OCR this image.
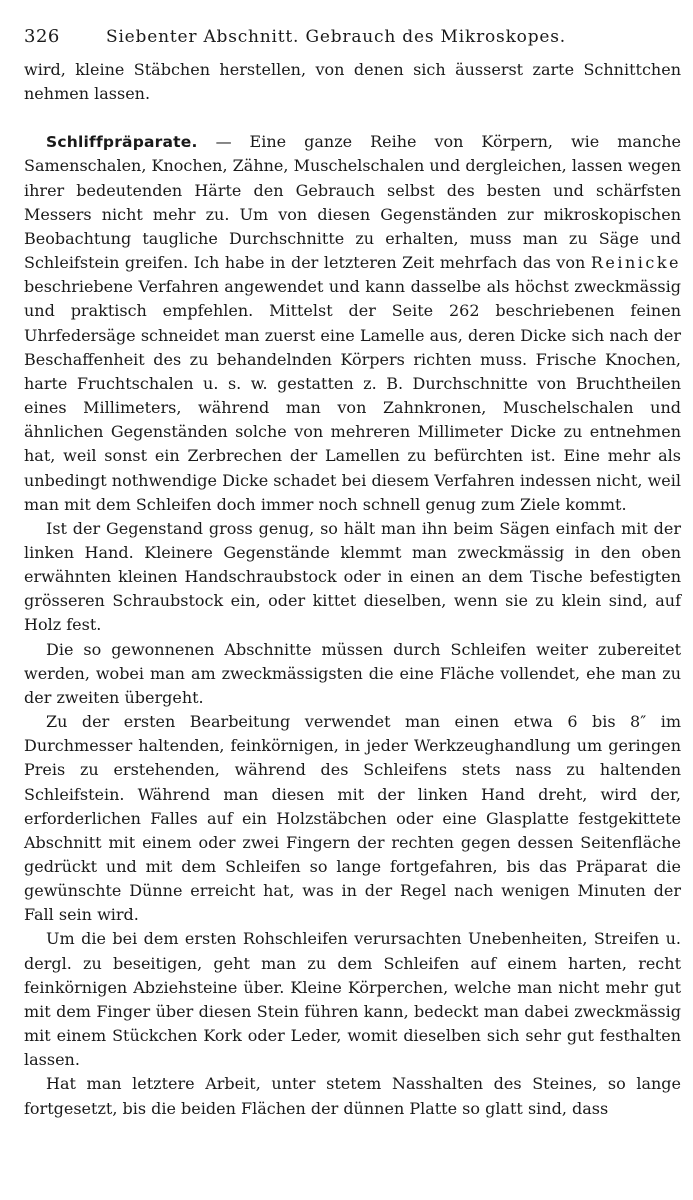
326	Siebenter Abschnitt. Gebrauch des Mikroskopes.

wird, kleine Stäbchen herstellen, von denen sich äusserst zarte Schnittchen nehmen lassen.

Schliffpräparate. — Eine ganze Reihe von Körpern, wie manche Samenschalen, Knochen, Zähne, Muschelschalen und dergleichen, lassen wegen ihrer bedeutenden Härte den Gebrauch selbst des besten und schärfsten Messers nicht mehr zu. Um von diesen Gegenständen zur mikroskopischen Beobachtung taugliche Durchschnitte zu erhalten, muss man zu Säge und Schleifstein greifen. Ich habe in der letzteren Zeit mehrfach das von Reinicke beschriebene Verfahren angewendet und kann dasselbe als höchst zweckmässig und praktisch empfehlen. Mittelst der Seite 262 beschriebenen feinen Uhrfedersäge schneidet man zuerst eine Lamelle aus, deren Dicke sich nach der Beschaffenheit des zu behandelnden Körpers richten muss. Frische Knochen, harte Fruchtschalen u. s. w. gestatten z. B. Durchschnitte von Bruchtheilen eines Millimeters, während man von Zahnkronen, Muschelschalen und ähnlichen Gegenständen solche von mehreren Millimeter Dicke zu entnehmen hat, weil sonst ein Zerbrechen der Lamellen zu befürchten ist. Eine mehr als unbedingt nothwendige Dicke schadet bei diesem Verfahren indessen nicht, weil man mit dem Schleifen doch immer noch schnell genug zum Ziele kommt.

Ist der Gegenstand gross genug, so hält man ihn beim Sägen einfach mit der linken Hand. Kleinere Gegenstände klemmt man zweckmässig in den oben erwähnten kleinen Handschraubstock oder in einen an dem Tische befestigten grösseren Schraubstock ein, oder kittet dieselben, wenn sie zu klein sind, auf Holz fest.

Die so gewonnenen Abschnitte müssen durch Schleifen weiter zubereitet werden, wobei man am zweckmässigsten die eine Fläche vollendet, ehe man zu der zweiten übergeht.

Zu der ersten Bearbeitung verwendet man einen etwa 6 bis 8″ im Durchmesser haltenden, feinkörnigen, in jeder Werkzeughandlung um geringen Preis zu erstehenden, während des Schleifens stets nass zu haltenden Schleifstein. Während man diesen mit der linken Hand dreht, wird der, erforderlichen Falles auf ein Holzstäbchen oder eine Glasplatte festgekittete Abschnitt mit einem oder zwei Fingern der rechten gegen dessen Seitenfläche gedrückt und mit dem Schleifen so lange fortgefahren, bis das Präparat die gewünschte Dünne erreicht hat, was in der Regel nach wenigen Minuten der Fall sein wird.

Um die bei dem ersten Rohschleifen verursachten Unebenheiten, Streifen u. dergl. zu beseitigen, geht man zu dem Schleifen auf einem harten, recht feinkörnigen Abziehsteine über. Kleine Körperchen, welche man nicht mehr gut mit dem Finger über diesen Stein führen kann, bedeckt man dabei zweckmässig mit einem Stückchen Kork oder Leder, womit dieselben sich sehr gut festhalten lassen.

Hat man letztere Arbeit, unter stetem Nasshalten des Steines, so lange fortgesetzt, bis die beiden Flächen der dünnen Platte so glatt sind, dass
